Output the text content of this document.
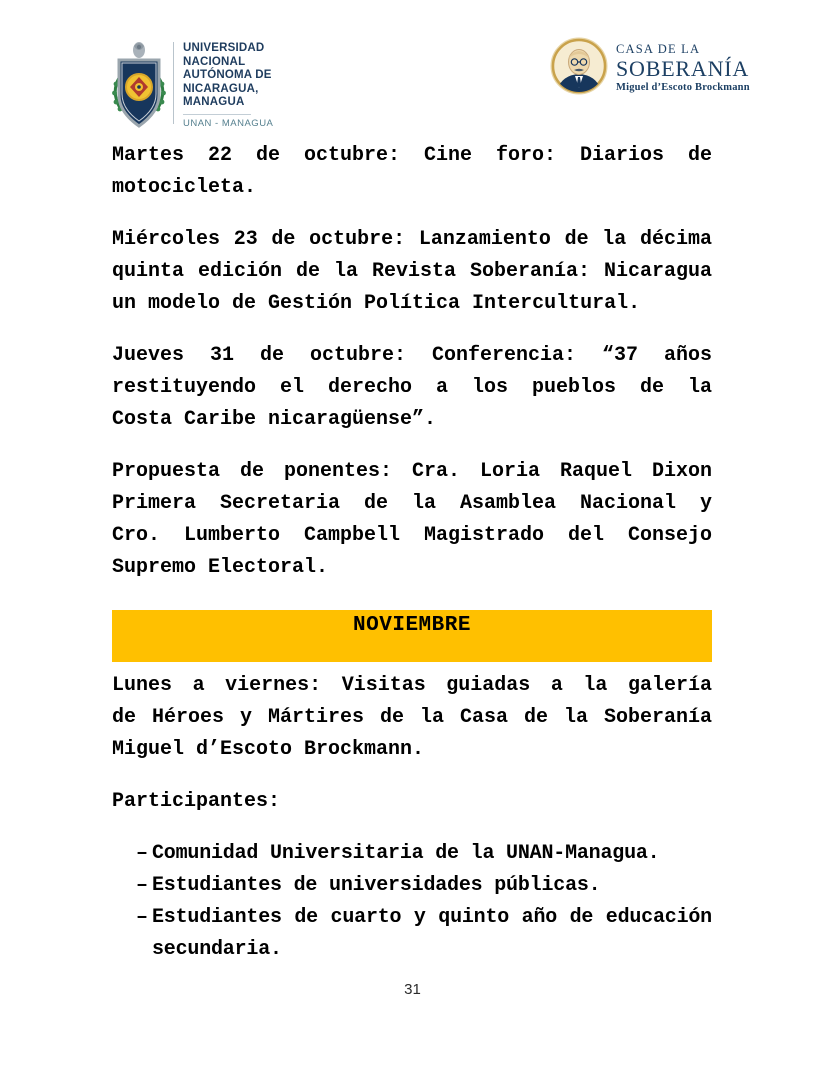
UNIVERSIDAD
NACIONAL
AUTÓNOMA DE
NICARAGUA,
MANAGUA
UNAN - MANAGUA
CASA DE LA
SOBERANÍA
Miguel d’Escoto Brockmann
Martes 22 de octubre: Cine foro: Diarios de
motocicleta.
Miércoles 23 de octubre: Lanzamiento de la décima
quinta edición de la Revista Soberanía: Nicaragua
un modelo de Gestión Política Intercultural.
Jueves 31 de octubre: Conferencia: “37 años
restituyendo el derecho a los pueblos de la
Costa Caribe nicaragüense”.
Propuesta de ponentes: Cra. Loria Raquel Dixon
Primera Secretaria de la Asamblea Nacional y
Cro. Lumberto Campbell Magistrado del Consejo
Supremo Electoral.
NOVIEMBRE
Lunes a viernes: Visitas guiadas a la galería
de Héroes y Mártires de la Casa de la Soberanía
Miguel d’Escoto Brockmann.
Participantes:
– Comunidad Universitaria de la UNAN-Managua.
– Estudiantes de universidades públicas.
– Estudiantes de cuarto y quinto año de educación
secundaria.
31
